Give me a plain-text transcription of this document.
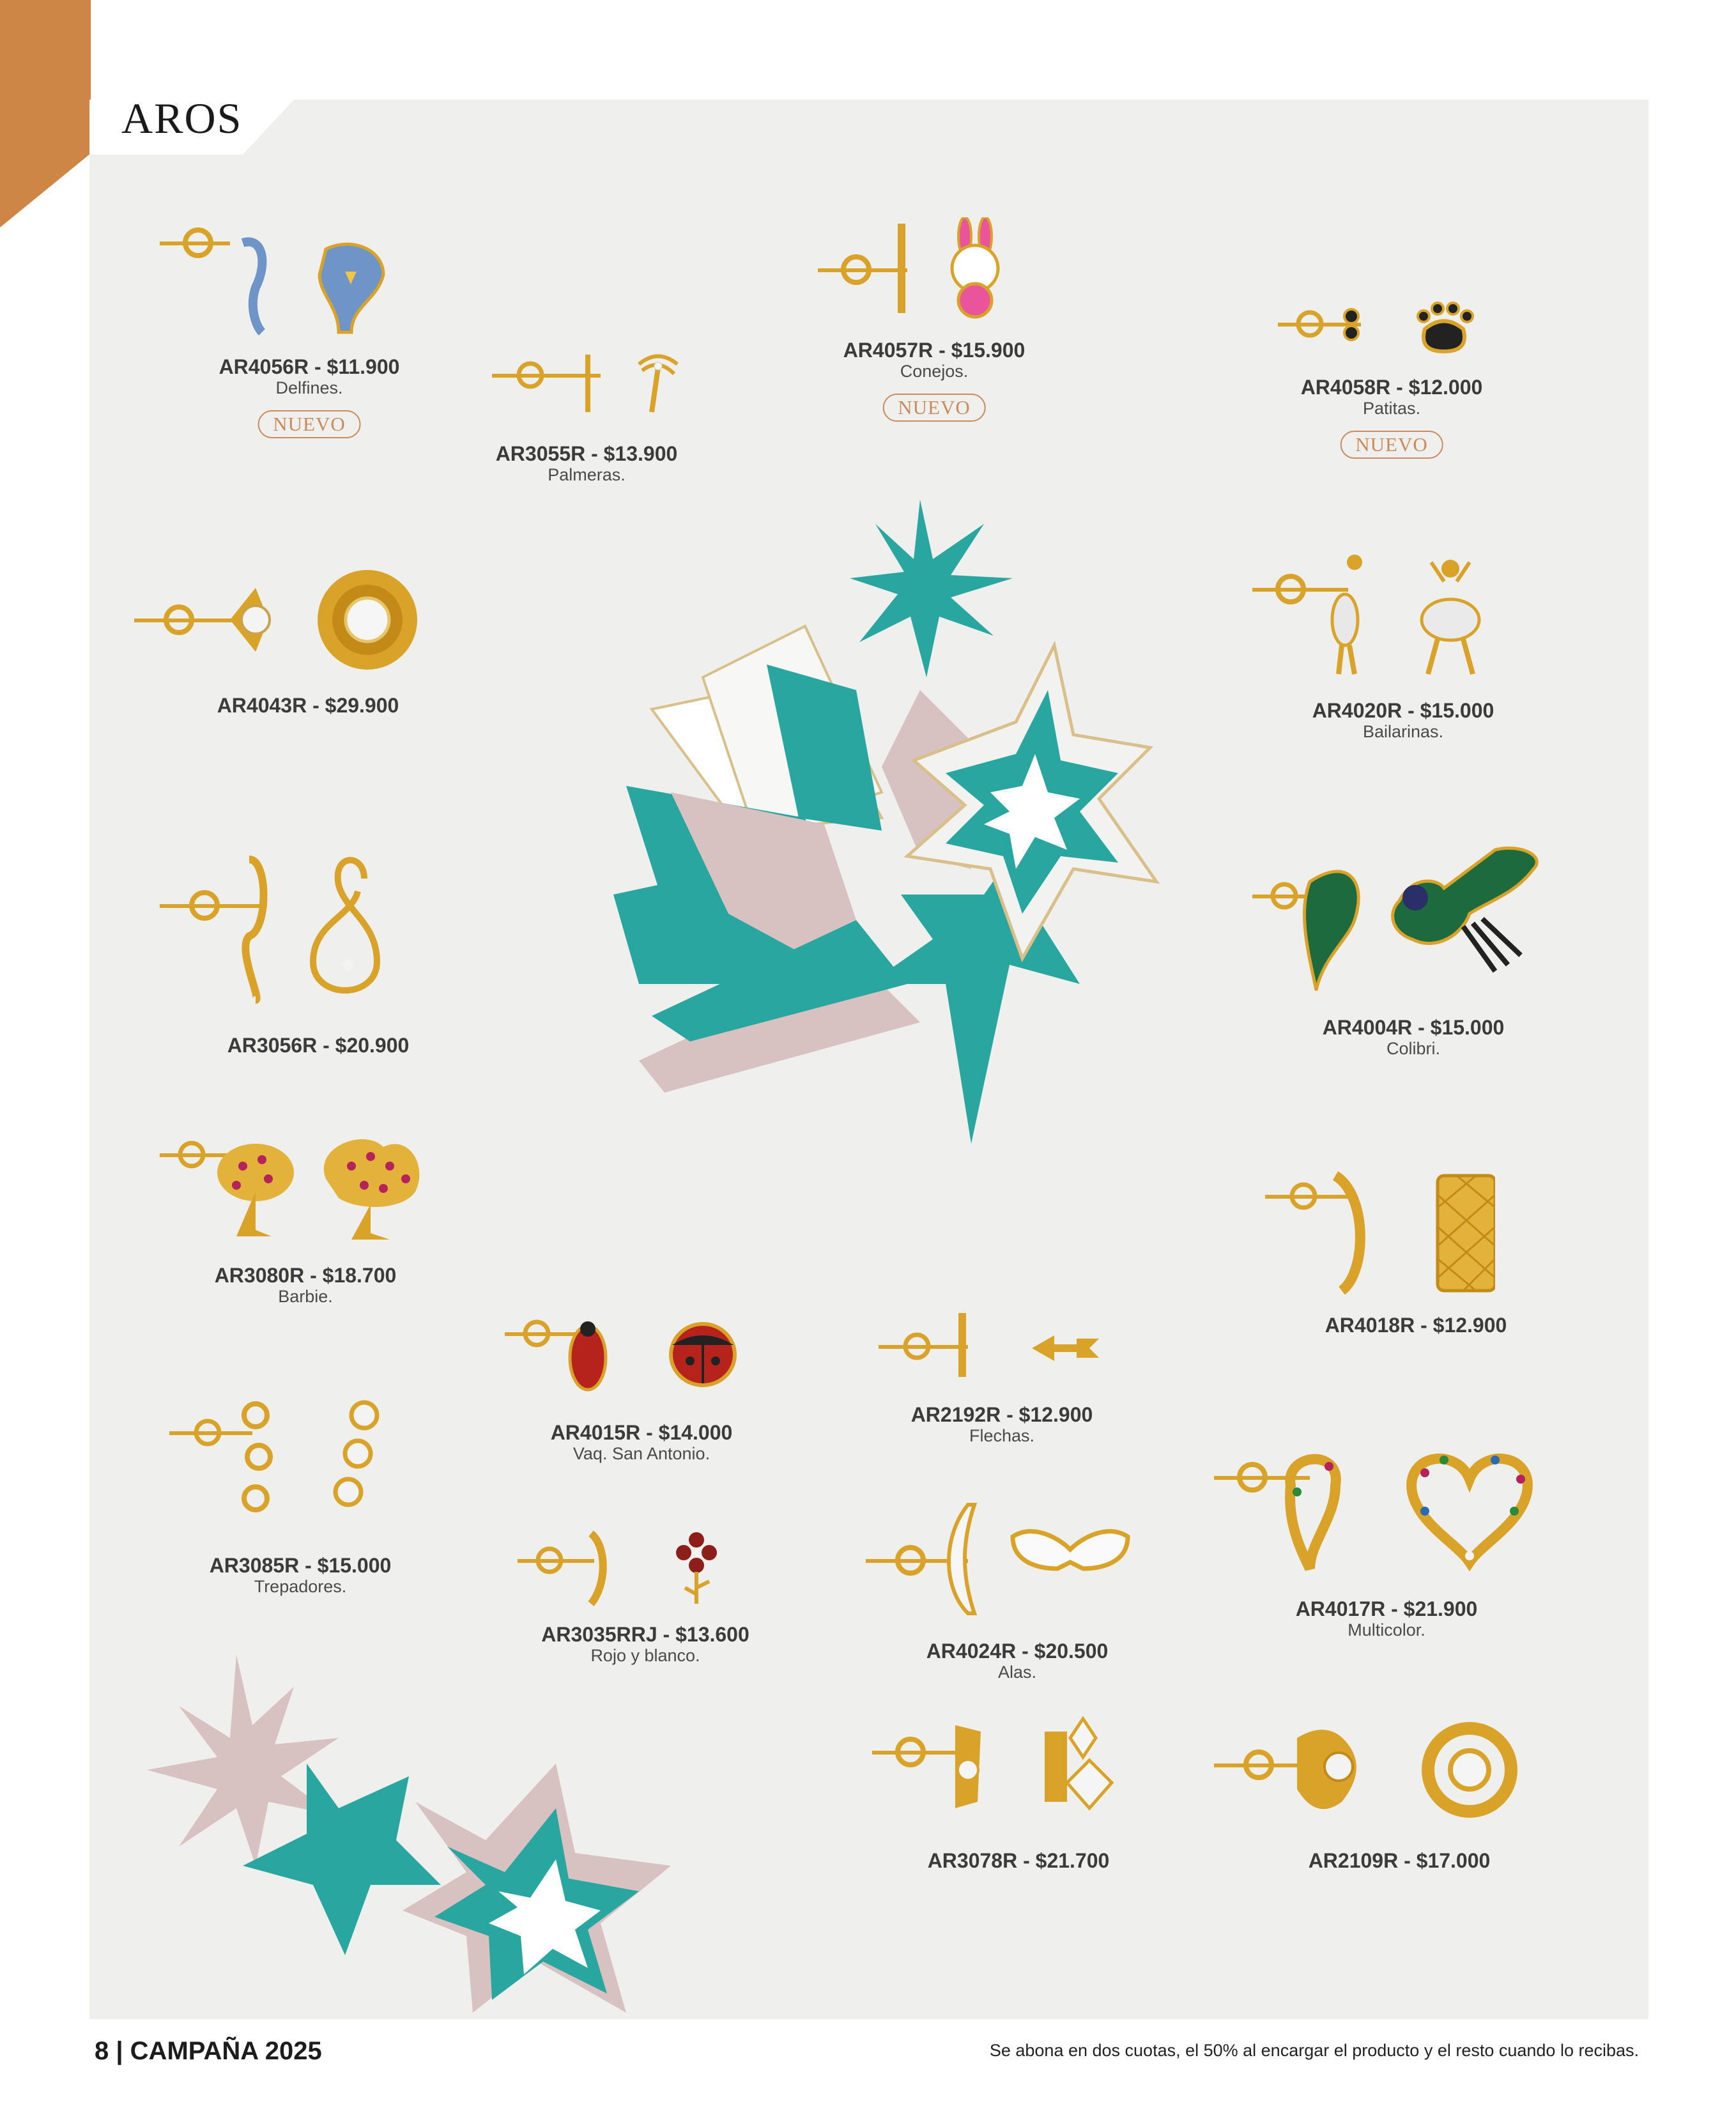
AROS
AR4056R - $11.900
Delfines.
NUEVO
AR3055R - $13.900
Palmeras.
AR4057R - $15.900
Conejos.
NUEVO
AR4058R - $12.000
Patitas.
NUEVO
AR4043R - $29.900	AR4020R - $15.000
Bailarinas.
AR3056R - $20.900
AR4004R - $15.000
Colibri.
AR3080R - $18.700
Barbie.
AR4018R - $12.900
AR4015R - $14.000
Vaq. San Antonio.
AR2192R - $12.900
Flechas.
AR3085R - $15.000
Trepadores.
AR3035RRJ - $13.600
Rojo y blanco.	AR4024R - $20.500
Alas.
AR4017R - $21.900
Multicolor.
AR3078R - $21.700	AR2109R - $17.000
8 | CAMPAÑA 2025	Se abona en dos cuotas, el 50% al encargar el producto y el resto cuando lo recibas.
